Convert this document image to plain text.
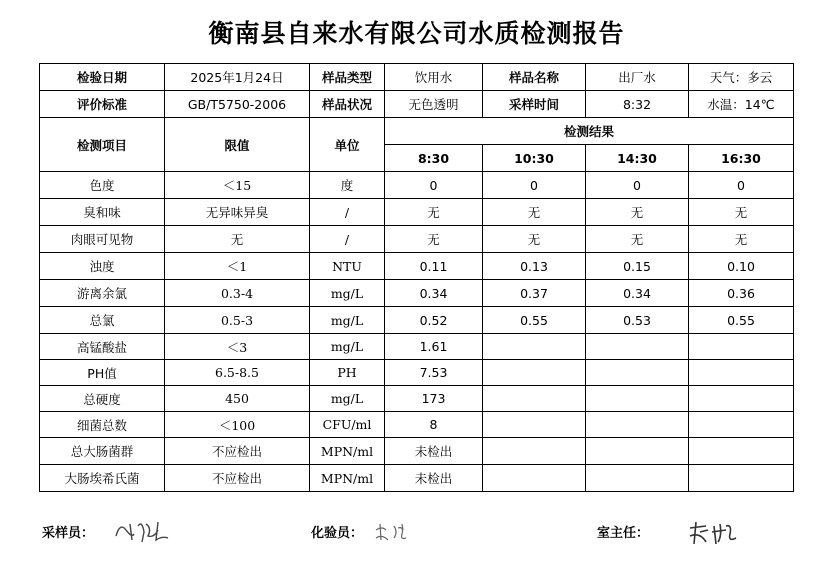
衡南县自来水有限公司水质检测报告
检验日期	2025年1月24日	样品类型	饮用水	样品名称	出厂水	天气：多云
评价标准	GB/T5750-2006	样品状况	无色透明	采样时间	8:32	水温：14℃
检测项目	限值	单位	检测结果			
			8:30	10:30	14:30	16:30
色度	＜15	度	0	0	0	0
臭和味	无异味异臭	/	无	无	无	无
肉眼可见物	无	/	无	无	无	无
浊度	＜1	NTU	0.11	0.13	0.15	0.10
游离余氯	0.3-4	mg/L	0.34	0.37	0.34	0.36
总氯	0.5-3	mg/L	0.52	0.55	0.53	0.55
高锰酸盐	＜3	mg/L	1.61			
PH值	6.5-8.5	PH	7.53			
总硬度	450	mg/L	173			
细菌总数	＜100	CFU/ml	8			
总大肠菌群	不应检出	MPN/ml	未检出			
大肠埃希氏菌	不应检出	MPN/ml	未检出			
采样员：	化验员：	室主任：
